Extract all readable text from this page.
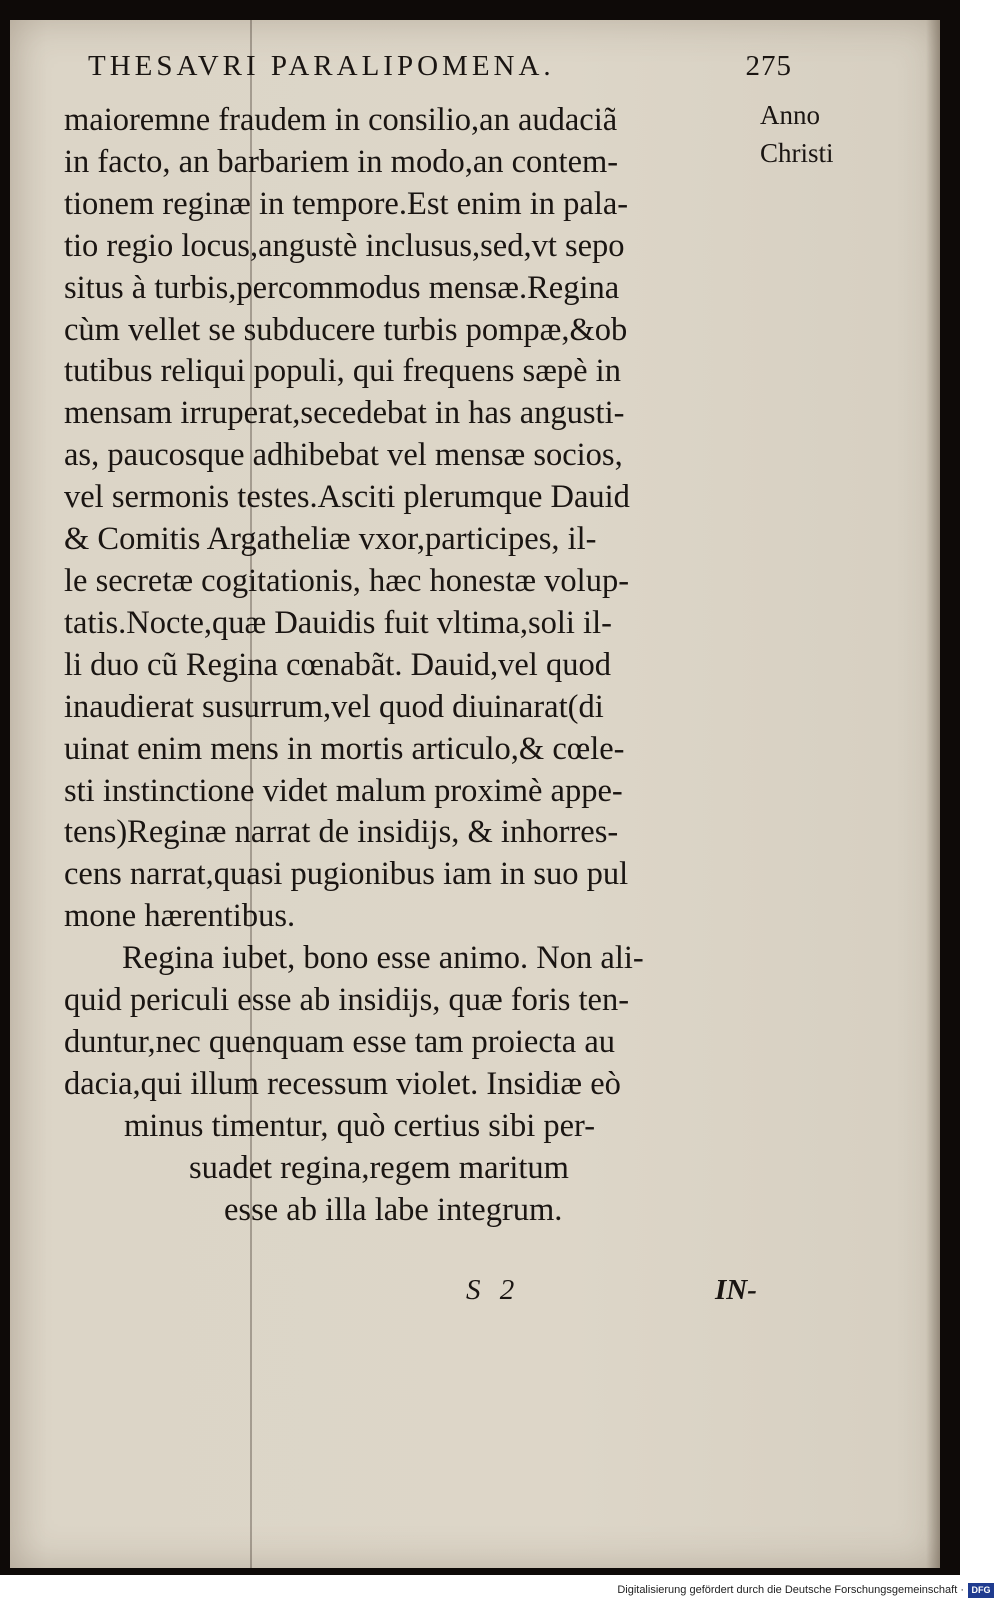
THESAVRI PARALIPOMENA.	275
Anno
Christi
maioremne fraudem in consilio,an audaciã
in facto, an barbariem in modo,an contem-
tionem reginæ in tempore.Est enim in pala-
tio regio locus,angustè inclusus,sed,vt sepo
situs à turbis,percommodus mensæ.Regina
cùm vellet se subducere turbis pompæ,&ob
tutibus reliqui populi, qui frequens sæpè in
mensam irruperat,secedebat in has angusti-
as, paucosque adhibebat vel mensæ socios,
vel sermonis testes.Asciti plerumque Dauid
& Comitis Argatheliæ vxor,participes, il-
le secretæ cogitationis, hæc honestæ volup-
tatis.Nocte,quæ Dauidis fuit vltima,soli il-
li duo cũ Regina cœnabãt. Dauid,vel quod
inaudierat susurrum,vel quod diuinarat(di
uinat enim mens in mortis articulo,& cœle-
sti instinctione videt malum proximè appe-
tens)Reginæ narrat de insidijs, & inhorres-
cens narrat,quasi pugionibus iam in suo pul
mone hærentibus.
Regina iubet, bono esse animo. Non ali-
quid periculi esse ab insidijs, quæ foris ten-
duntur,nec quenquam esse tam proiecta au
dacia,qui illum recessum violet. Insidiæ eò
minus timentur, quò certius sibi per-
suadet regina,regem maritum
esse ab illa labe integrum.
S 2	IN-
Digitalisierung gefördert durch die Deutsche Forschungsgemeinschaft · DFG
